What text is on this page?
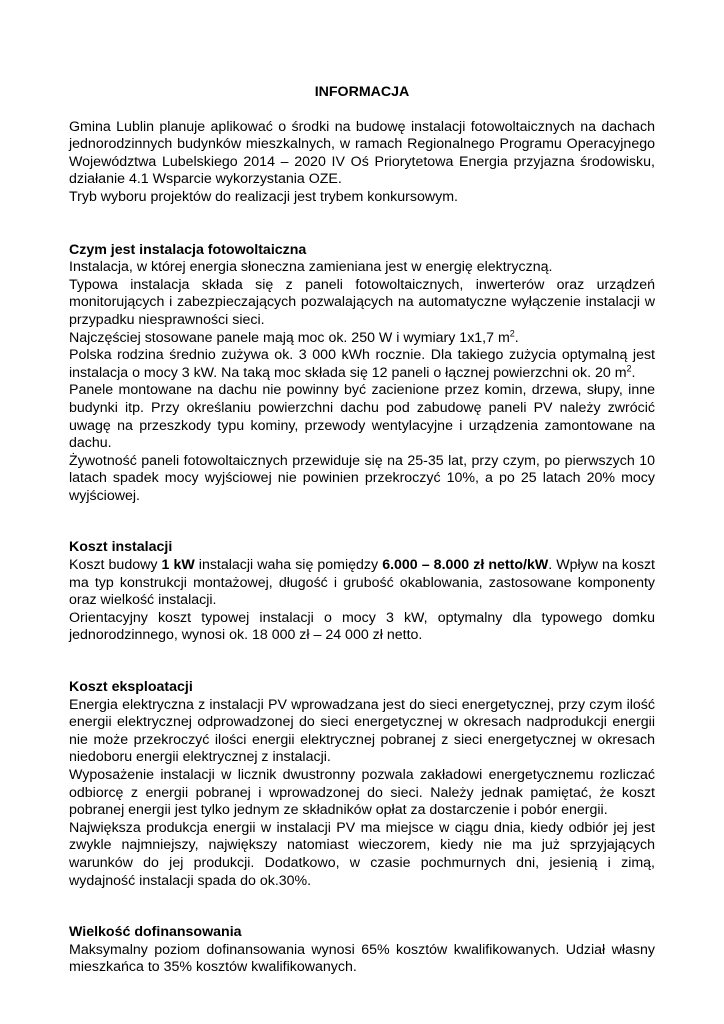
INFORMACJA

Gmina Lublin planuje aplikować o środki na budowę instalacji fotowoltaicznych na dachach jednorodzinnych budynków mieszkalnych, w ramach Regionalnego Programu Operacyjnego Województwa Lubelskiego 2014 – 2020 IV Oś Priorytetowa Energia przyjazna środowisku, działanie 4.1 Wsparcie wykorzystania OZE.

Tryb wyboru projektów do realizacji jest trybem konkursowym.

Czym jest instalacja fotowoltaiczna

Instalacja, w której energia słoneczna zamieniana jest w energię elektryczną.

Typowa instalacja składa się z paneli fotowoltaicznych, inwerterów oraz urządzeń monitorujących i zabezpieczających pozwalających na automatyczne wyłączenie instalacji w przypadku niesprawności sieci.

Najczęściej stosowane panele mają moc ok. 250 W i wymiary 1x1,7 $m^2$.

Polska rodzina średnio zużywa ok. 3 000 kWh rocznie. Dla takiego zużycia optymalną jest instalacja o mocy 3 kW. Na taką moc składa się 12 paneli o łącznej powierzchni ok. 20 $m^2$.

Panele montowane na dachu nie powinny być zacienione przez komin, drzewa, słupy, inne budynki itp. Przy określaniu powierzchni dachu pod zabudowę paneli PV należy zwrócić uwagę na przeszkody typu kominy, przewody wentylacyjne i urządzenia zamontowane na dachu.

Żywotność paneli fotowoltaicznych przewiduje się na 25-35 lat, przy czym, po pierwszych 10 latach spadek mocy wyjściowej nie powinien przekroczyć 10%, a po 25 latach 20% mocy wyjściowej.

Koszt instalacji

Koszt budowy 1 kW instalacji waha się pomiędzy 6.000 – 8.000 zł netto/kW. Wpływ na koszt ma typ konstrukcji montażowej, długość i grubość okablowania, zastosowane komponenty oraz wielkość instalacji.

Orientacyjny koszt typowej instalacji o mocy 3 kW, optymalny dla typowego domku jednorodzinnego, wynosi ok. 18 000 zł – 24 000 zł netto.

Koszt eksploatacji

Energia elektryczna z instalacji PV wprowadzana jest do sieci energetycznej, przy czym ilość energii elektrycznej odprowadzonej do sieci energetycznej w okresach nadprodukcji energii nie może przekroczyć ilości energii elektrycznej pobranej z sieci energetycznej w okresach niedoboru energii elektrycznej z instalacji.

Wyposażenie instalacji w licznik dwustronny pozwala zakładowi energetycznemu rozliczać odbiorcę z energii pobranej i wprowadzonej do sieci. Należy jednak pamiętać, że koszt pobranej energii jest tylko jednym ze składników opłat za dostarczenie i pobór energii.

Największa produkcja energii w instalacji PV ma miejsce w ciągu dnia, kiedy odbiór jej jest zwykle najmniejszy, największy natomiast wieczorem, kiedy nie ma już sprzyjających warunków do jej produkcji. Dodatkowo, w czasie pochmurnych dni, jesienią i zimą, wydajność instalacji spada do ok.30%.

Wielkość dofinansowania

Maksymalny poziom dofinansowania wynosi 65% kosztów kwalifikowanych. Udział własny mieszkańca to 35% kosztów kwalifikowanych.
